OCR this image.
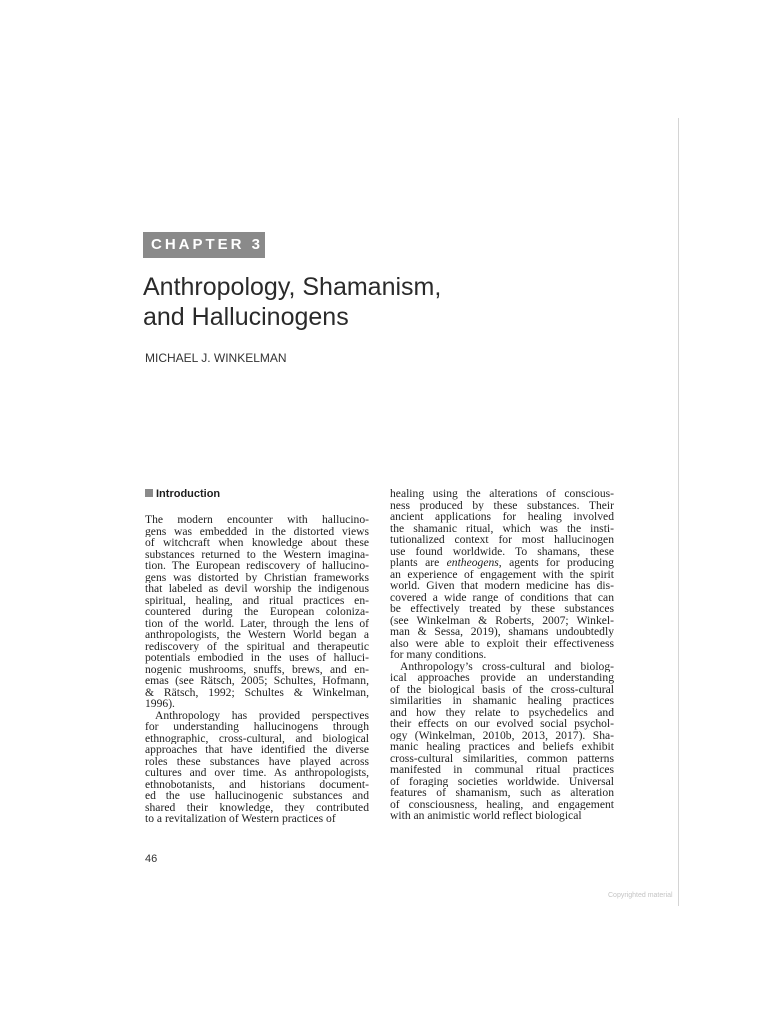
CHAPTER 3
Anthropology, Shamanism,
and Hallucinogens
MICHAEL J. WINKELMAN
Introduction
The modern encounter with hallucino-
gens was embedded in the distorted views
of witchcraft when knowledge about these
substances returned to the Western imagina-
tion. The European rediscovery of hallucino-
gens was distorted by Christian frameworks
that labeled as devil worship the indigenous
spiritual, healing, and ritual practices en-
countered during the European coloniza-
tion of the world. Later, through the lens of
anthropologists, the Western World began a
rediscovery of the spiritual and therapeutic
potentials embodied in the uses of halluci-
nogenic mushrooms, snuffs, brews, and en-
emas (see Rätsch, 2005; Schultes, Hofmann,
& Rätsch, 1992; Schultes & Winkelman,
1996).
Anthropology has provided perspectives
for understanding hallucinogens through
ethnographic, cross-cultural, and biological
approaches that have identified the diverse
roles these substances have played across
cultures and over time. As anthropologists,
ethnobotanists, and historians document-
ed the use hallucinogenic substances and
shared their knowledge, they contributed
to a revitalization of Western practices of
healing using the alterations of conscious-
ness produced by these substances. Their
ancient applications for healing involved
the shamanic ritual, which was the insti-
tutionalized context for most hallucinogen
use found worldwide. To shamans, these
plants are entheogens, agents for producing
an experience of engagement with the spirit
world. Given that modern medicine has dis-
covered a wide range of conditions that can
be effectively treated by these substances
(see Winkelman & Roberts, 2007; Winkel-
man & Sessa, 2019), shamans undoubtedly
also were able to exploit their effectiveness
for many conditions.
Anthropology’s cross-cultural and biolog-
ical approaches provide an understanding
of the biological basis of the cross-cultural
similarities in shamanic healing practices
and how they relate to psychedelics and
their effects on our evolved social psychol-
ogy (Winkelman, 2010b, 2013, 2017). Sha-
manic healing practices and beliefs exhibit
cross-cultural similarities, common patterns
manifested in communal ritual practices
of foraging societies worldwide. Universal
features of shamanism, such as alteration
of consciousness, healing, and engagement
with an animistic world reflect biological
46
Copyrighted material
